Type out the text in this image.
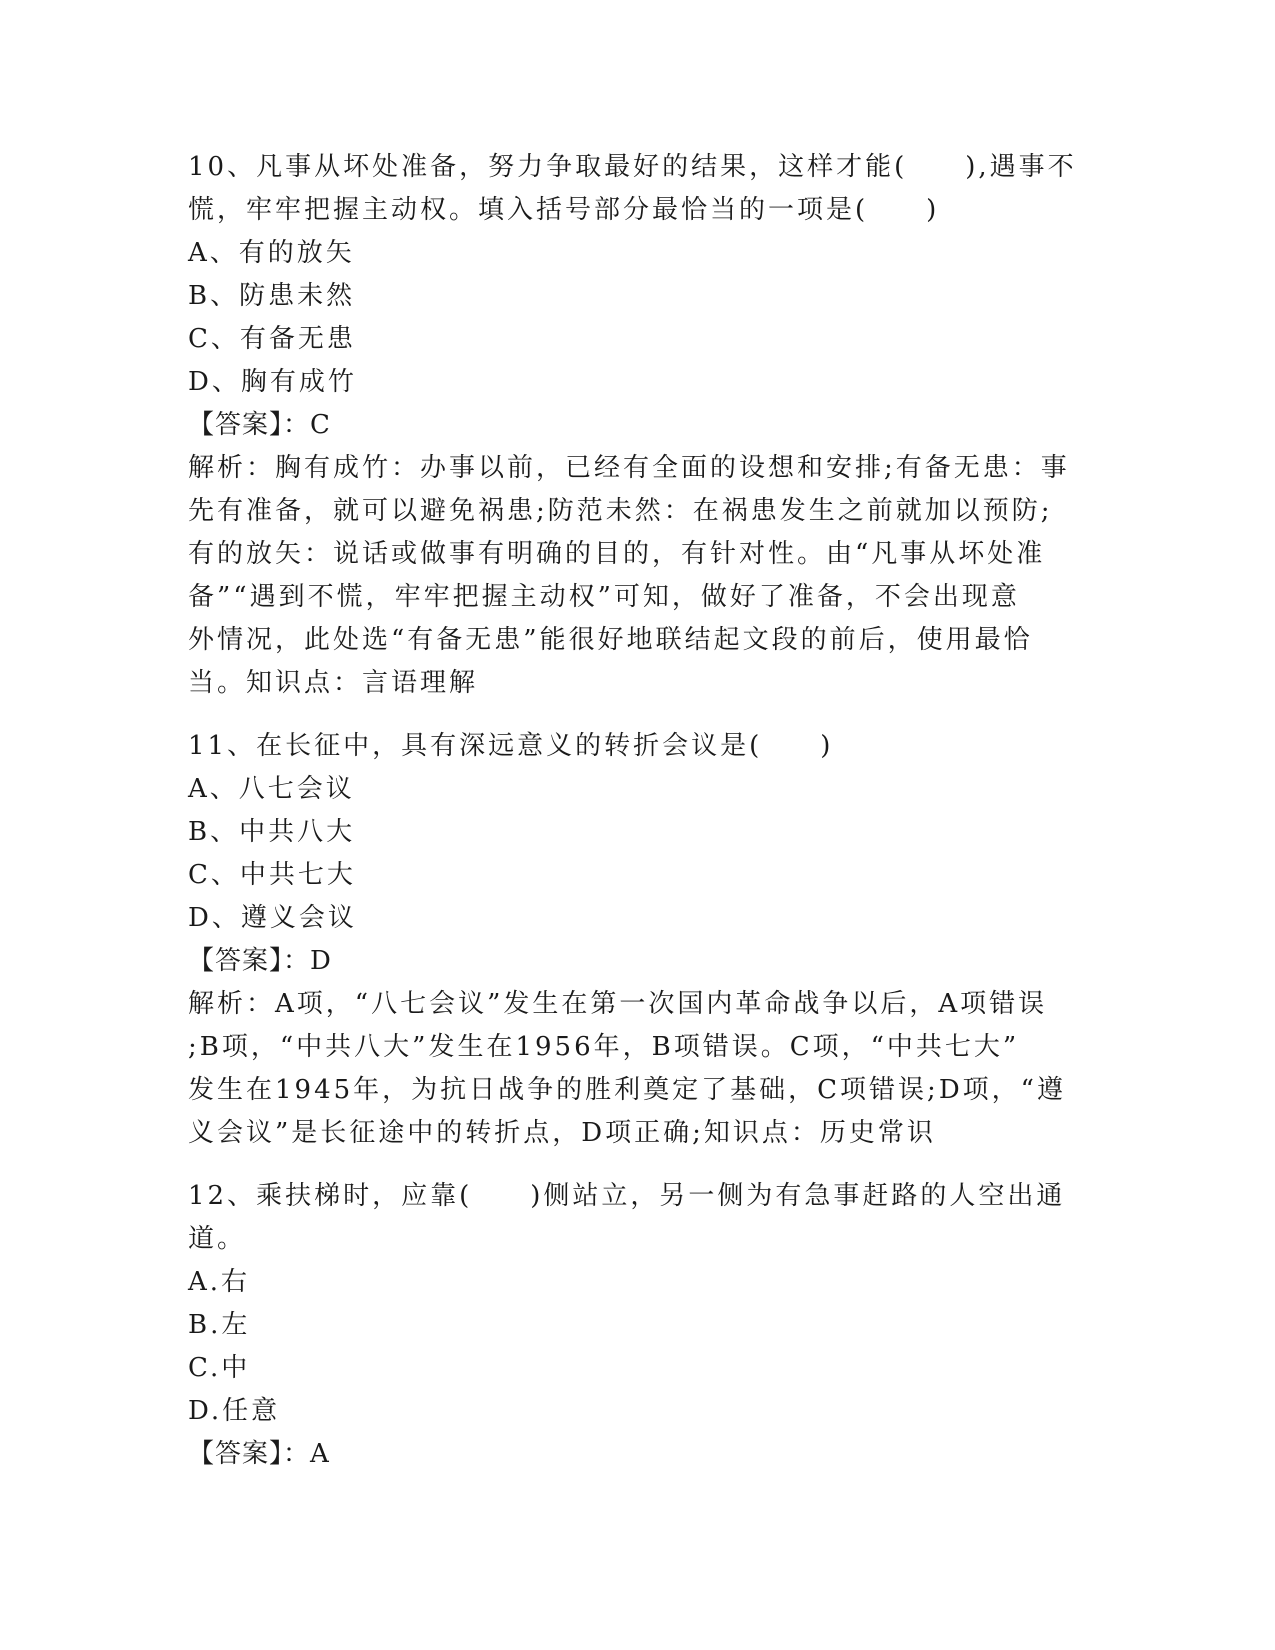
10、凡事从坏处准备，努力争取最好的结果，这样才能(　　),遇事不

慌，牢牢把握主动权。填入括号部分最恰当的一项是(　　)

A、有的放矢

B、防患未然

C、有备无患

D、胸有成竹

【答案】：C

解析：胸有成竹：办事以前，已经有全面的设想和安排;有备无患：事

先有准备，就可以避免祸患;防范未然：在祸患发生之前就加以预防;

有的放矢：说话或做事有明确的目的，有针对性。由“凡事从坏处准

备”“遇到不慌，牢牢把握主动权”可知，做好了准备，不会出现意

外情况，此处选“有备无患”能很好地联结起文段的前后，使用最恰

当。知识点：言语理解

11、在长征中，具有深远意义的转折会议是(　　)

A、八七会议

B、中共八大

C、中共七大

D、遵义会议

【答案】：D

解析：A项，“八七会议”发生在第一次国内革命战争以后，A项错误

;B项，“中共八大”发生在1956年，B项错误。C项，“中共七大”

发生在1945年，为抗日战争的胜利奠定了基础，C项错误;D项，“遵

义会议”是长征途中的转折点，D项正确;知识点：历史常识

12、乘扶梯时，应靠(　　)侧站立，另一侧为有急事赶路的人空出通

道。

A.右

B.左

C.中

D.任意

【答案】：A
